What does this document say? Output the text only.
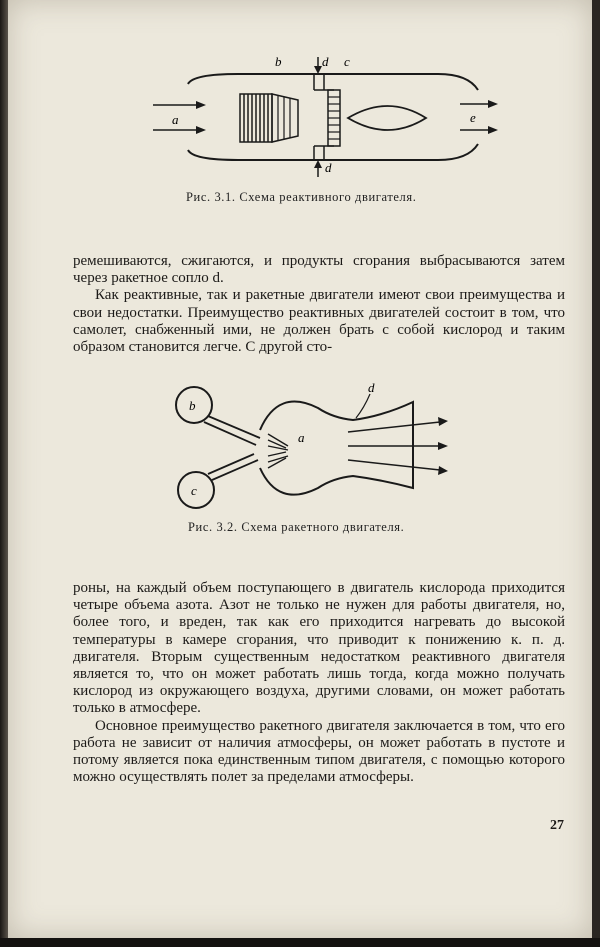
a
b	d c
d
e
Рис. 3.1. Схема реактивного двигателя.

ремешиваются, сжигаются, и продукты сгорания выбрасываются затем через ракетное сопло d.

Как реактивные, так и ракетные двигатели имеют свои преимущества и свои недостатки. Преимущество реактивных двигателей состоит в том, что самолет, снабженный ими, не должен брать с собой кислород и таким образом становится легче. С другой сто-

b
c
a
d
Рис. 3.2. Схема ракетного двигателя.

роны, на каждый объем поступающего в двигатель кислорода приходится четыре объема азота. Азот не только не нужен для работы двигателя, но, более того, и вреден, так как его приходится нагревать до высокой температуры в камере сгорания, что приводит к понижению к. п. д. двигателя. Вторым существенным недостатком реактивного двигателя является то, что он может работать лишь тогда, когда можно получать кислород из окружающего воздуха, другими словами, он может работать только в атмосфере.

Основное преимущество ракетного двигателя заключается в том, что его работа не зависит от наличия атмосферы, он может работать в пустоте и потому является пока единственным типом двигателя, с помощью которого можно осуществлять полет за пределами атмосферы.

27
